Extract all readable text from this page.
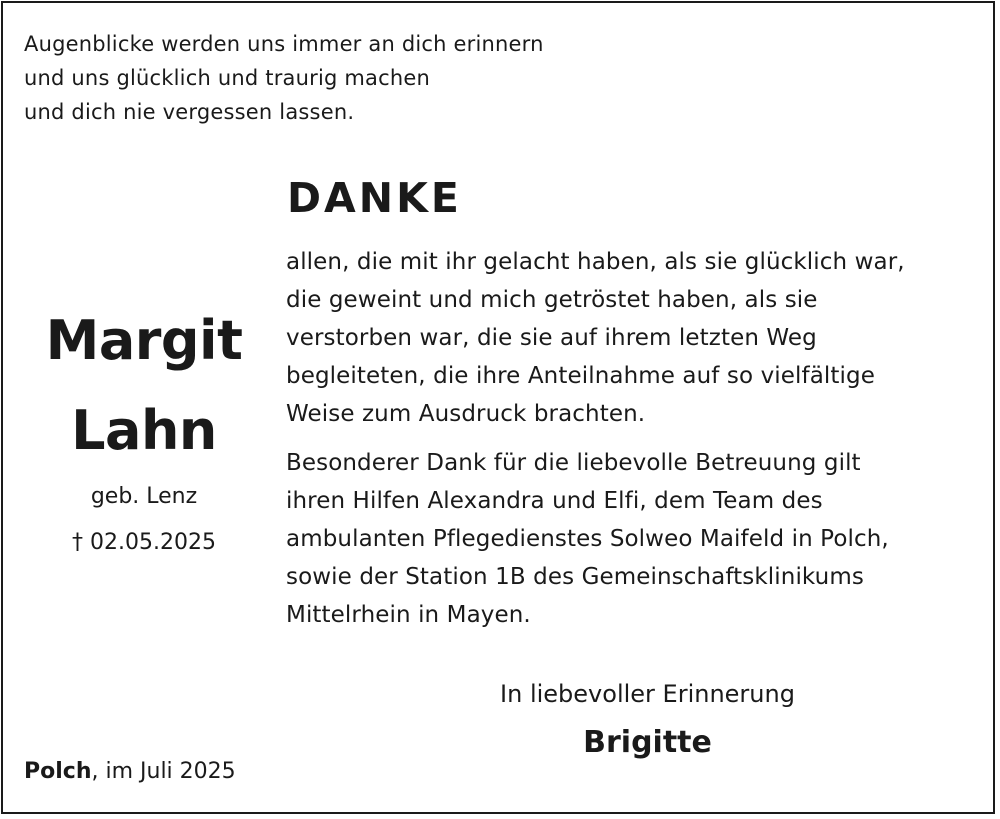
Augenblicke werden uns immer an dich erinnern
und uns glücklich und traurig machen
und dich nie vergessen lassen.
Margit
Lahn
geb. Lenz
† 02.05.2025
DANKE
allen, die mit ihr gelacht haben, als sie glücklich war,
die geweint und mich getröstet haben, als sie
verstorben war, die sie auf ihrem letzten Weg
begleiteten, die ihre Anteilnahme auf so vielfältige
Weise zum Ausdruck brachten.
Besonderer Dank für die liebevolle Betreuung gilt
ihren Hilfen Alexandra und Elfi, dem Team des
ambulanten Pflegedienstes Solweo Maifeld in Polch,
sowie der Station 1B des Gemeinschaftsklinikums
Mittelrhein in Mayen.
In liebevoller Erinnerung
Brigitte
Polch, im Juli 2025
